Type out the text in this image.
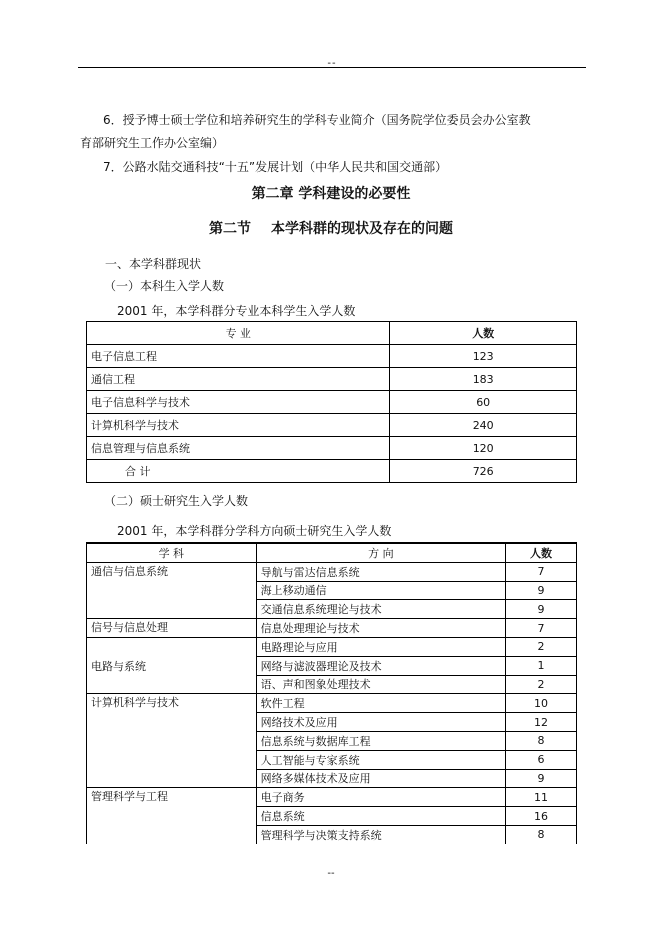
--
6．授予博士硕士学位和培养研究生的学科专业简介（国务院学位委员会办公室教
育部研究生工作办公室编）
7．公路水陆交通科技“十五”发展计划（中华人民共和国交通部）
第二章 学科建设的必要性
第二节 本学科群的现状及存在的问题
一、本学科群现状
（一）本科生入学人数
2001 年，本学科群分专业本科学生入学人数
专 业	人数
电子信息工程	123
通信工程	183
电子信息科学与技术	60
计算机科学与技术	240
信息管理与信息系统	120
合 计	726
（二）硕士研究生入学人数
2001 年，本学科群分学科方向硕士研究生入学人数
学 科	方 向	人数
通信与信息系统	导航与雷达信息系统	7
	海上移动通信	9
	交通信息系统理论与技术	9
信号与信息处理	信息处理理论与技术	7
电路与系统	电路理论与应用	2
	网络与滤波器理论及技术	1
	语、声和图象处理技术	2
计算机科学与技术	软件工程	10
	网络技术及应用	12
	信息系统与数据库工程	8
	人工智能与专家系统	6
	网络多媒体技术及应用	9
管理科学与工程	电子商务	11
	信息系统	16
	管理科学与决策支持系统	8
--
